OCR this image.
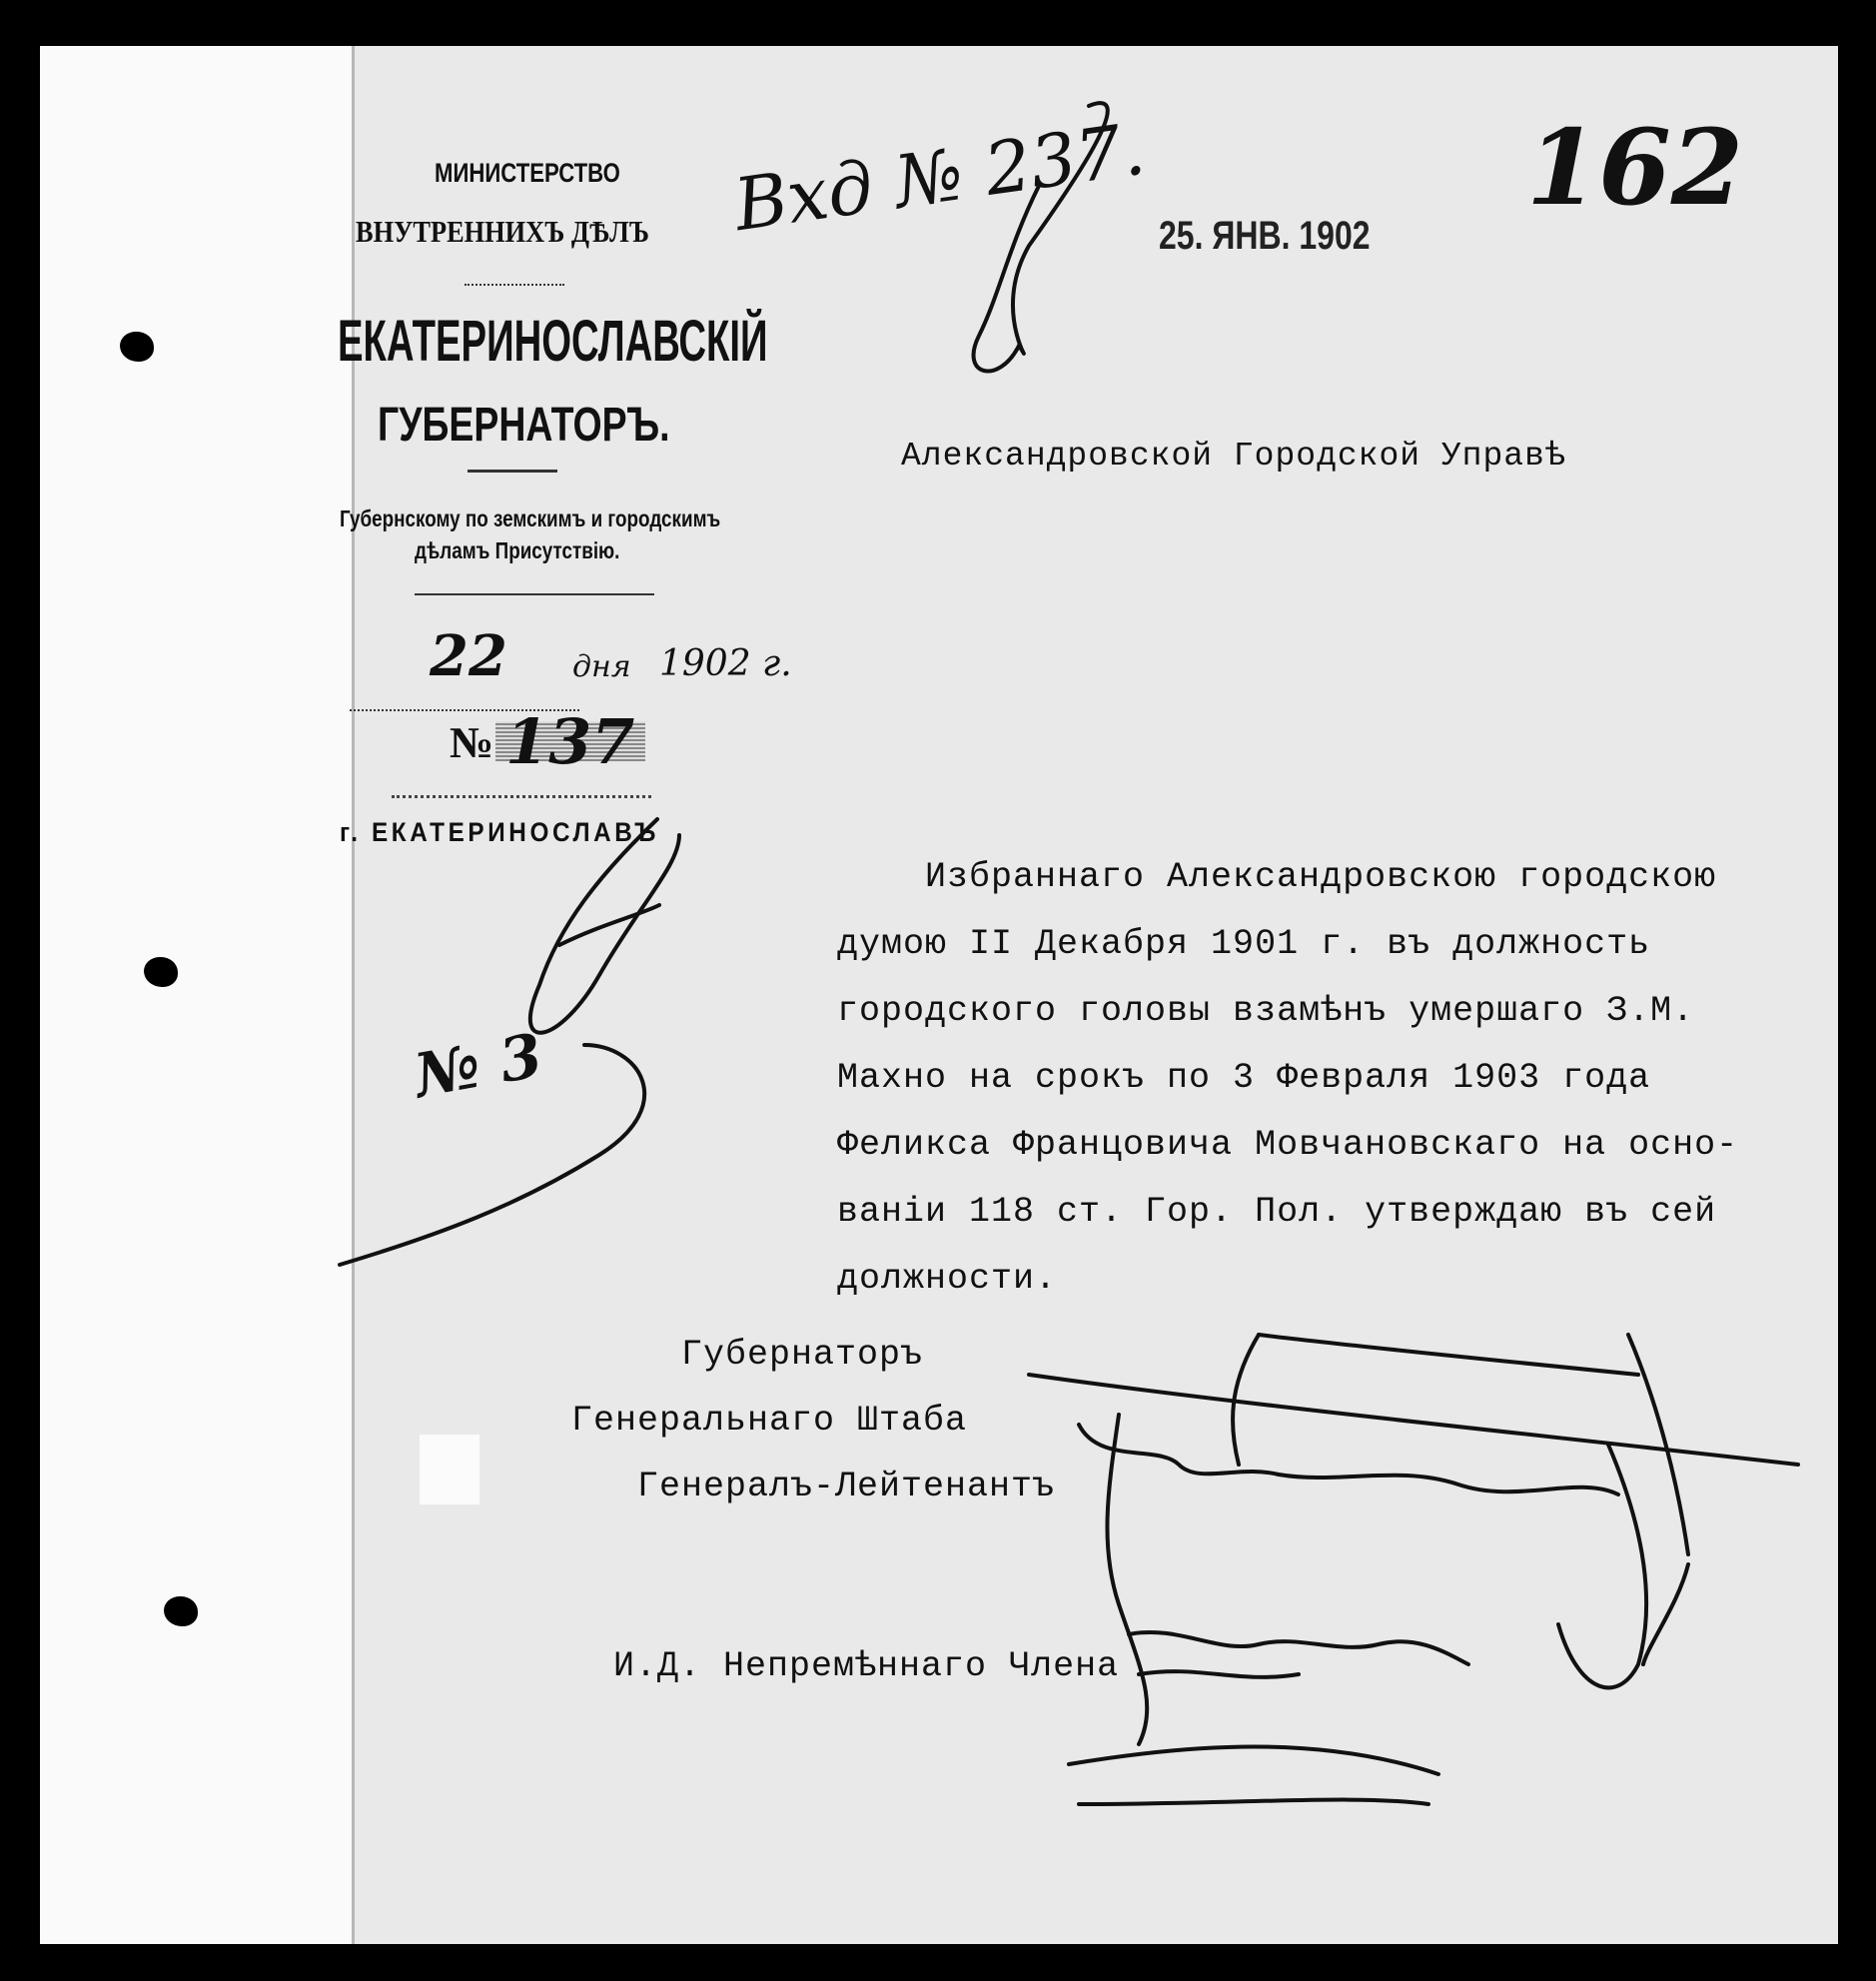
МИНИСТЕРСТВО
ВНУТРЕННИХЪ ДѢЛЪ
ЕКАТЕРИНОСЛАВСКІЙ
ГУБЕРНАТОРЪ.
Губернскому по земскимъ и городскимъ
дѣламъ Присутствію.
22 дня 1902 г.
№ 137
г. ЕКАТЕРИНОСЛАВЪ
Вхд № 237. 25. ЯНВ. 1902
162
№ 3
Александровской Городской Управѣ
Избраннаго Александровскою городскою
думою II Декабря 1901 г. въ должность
городского головы взамѣнъ умершаго З.М.
Махно на срокъ по 3 Февраля 1903 года
Феликса Францовича Мовчановскаго на осно-
ваніи 118 ст. Гор. Пол. утверждаю въ сей
должности.
Губернаторъ
Генеральнаго Штаба
Генералъ-Лейтенантъ
И.Д. Непремѣннаго Члена
